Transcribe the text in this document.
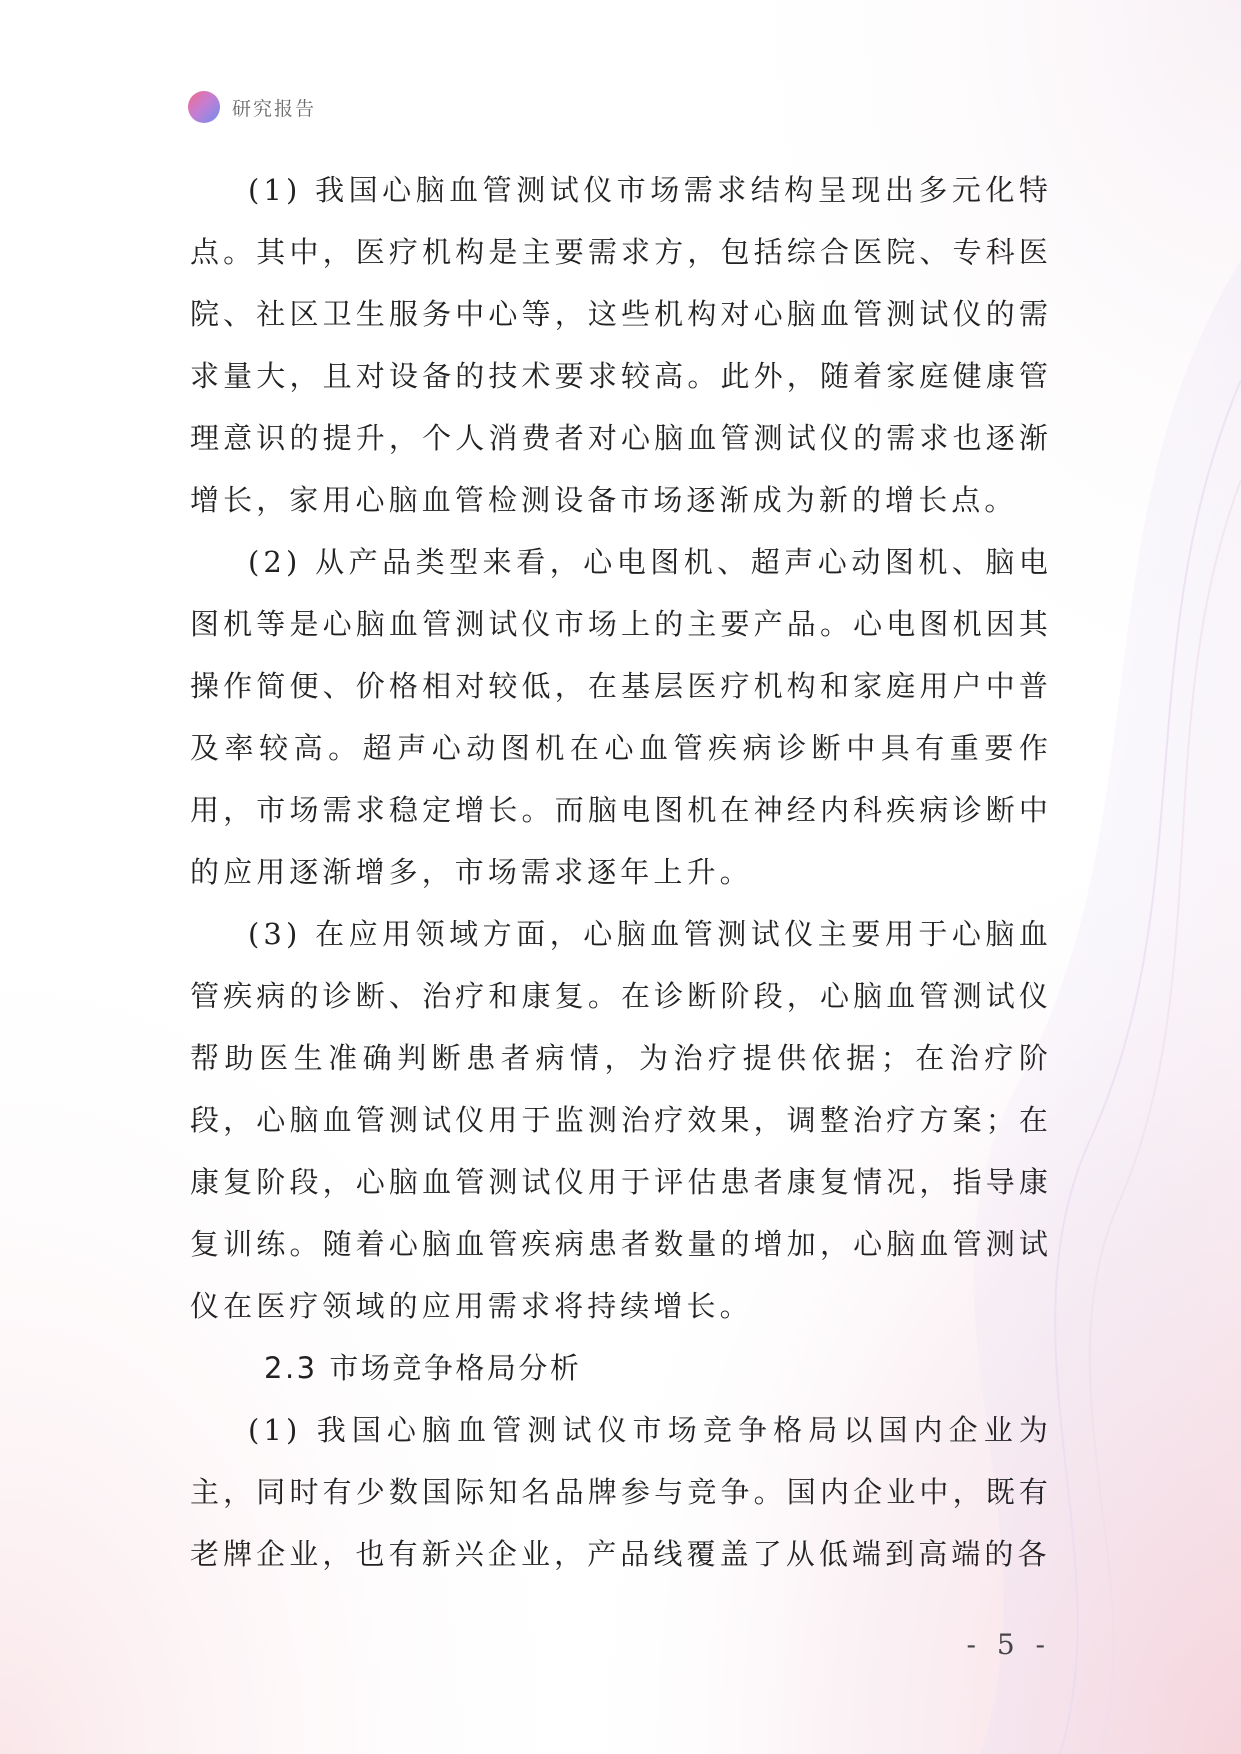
研究报告

(1) 我国心脑血管测试仪市场需求结构呈现出多元化特点。其中，医疗机构是主要需求方，包括综合医院、专科医院、社区卫生服务中心等，这些机构对心脑血管测试仪的需求量大，且对设备的技术要求较高。此外，随着家庭健康管理意识的提升，个人消费者对心脑血管测试仪的需求也逐渐增长，家用心脑血管检测设备市场逐渐成为新的增长点。

(2) 从产品类型来看，心电图机、超声心动图机、脑电图机等是心脑血管测试仪市场上的主要产品。心电图机因其操作简便、价格相对较低，在基层医疗机构和家庭用户中普及率较高。超声心动图机在心血管疾病诊断中具有重要作用，市场需求稳定增长。而脑电图机在神经内科疾病诊断中的应用逐渐增多，市场需求逐年上升。

(3) 在应用领域方面，心脑血管测试仪主要用于心脑血管疾病的诊断、治疗和康复。在诊断阶段，心脑血管测试仪帮助医生准确判断患者病情，为治疗提供依据；在治疗阶段，心脑血管测试仪用于监测治疗效果，调整治疗方案；在康复阶段，心脑血管测试仪用于评估患者康复情况，指导康复训练。随着心脑血管疾病患者数量的增加，心脑血管测试仪在医疗领域的应用需求将持续增长。

2.3 市场竞争格局分析

(1) 我国心脑血管测试仪市场竞争格局以国内企业为主，同时有少数国际知名品牌参与竞争。国内企业中，既有老牌企业，也有新兴企业，产品线覆盖了从低端到高端的各

- 5 -
